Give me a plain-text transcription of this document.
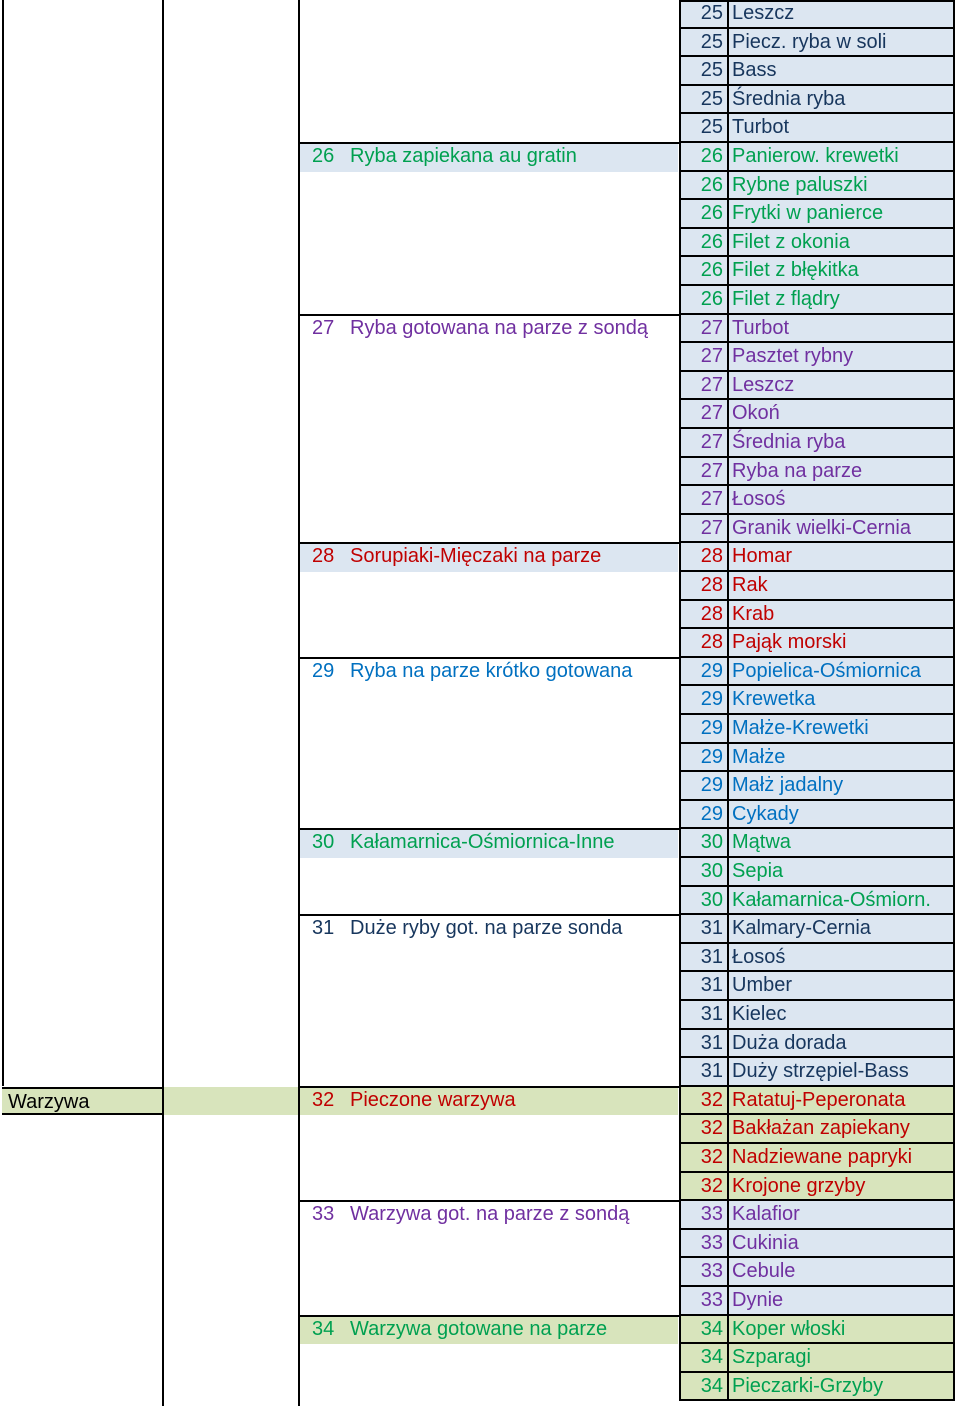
25 Leszcz
25 Piecz. ryba w soli
25 Bass
25 Średnia ryba
25 Turbot
26 Ryba zapiekana au gratin	26 Panierow. krewetki
26 Rybne paluszki
26 Frytki w panierce
26 Filet z okonia
26 Filet z błękitka
26 Filet z flądry
27 Ryba gotowana na parze z sondą	27 Turbot
27 Pasztet rybny
27 Leszcz
27 Okoń
27 Średnia ryba
27 Ryba na parze
27 Łosoś
27 Granik wielki-Cernia
28 Sorupiaki-Mięczaki na parze	28 Homar
28 Rak
28 Krab
28 Pająk morski
29 Ryba na parze krótko gotowana	29 Popielica-Ośmiornica
29 Krewetka
29 Małże-Krewetki
29 Małże
29 Małż jadalny
29 Cykady
30 Kałamarnica-Ośmiornica-Inne	30 Mątwa
30 Sepia
30 Kałamarnica-Ośmiorn.
31 Duże ryby got. na parze sonda	31 Kalmary-Cernia
31 Łosoś
31 Umber
31 Kielec
31 Duża dorada
31 Duży strzępiel-Bass
Warzywa	32 Pieczone warzywa	32 Ratatuj-Peperonata
32 Bakłażan zapiekany
32 Nadziewane papryki
32 Krojone grzyby
33 Warzywa got. na parze z sondą	33 Kalafior
33 Cukinia
33 Cebule
33 Dynie
34 Warzywa gotowane na parze	34 Koper włoski
34 Szparagi
34 Pieczarki-Grzyby
